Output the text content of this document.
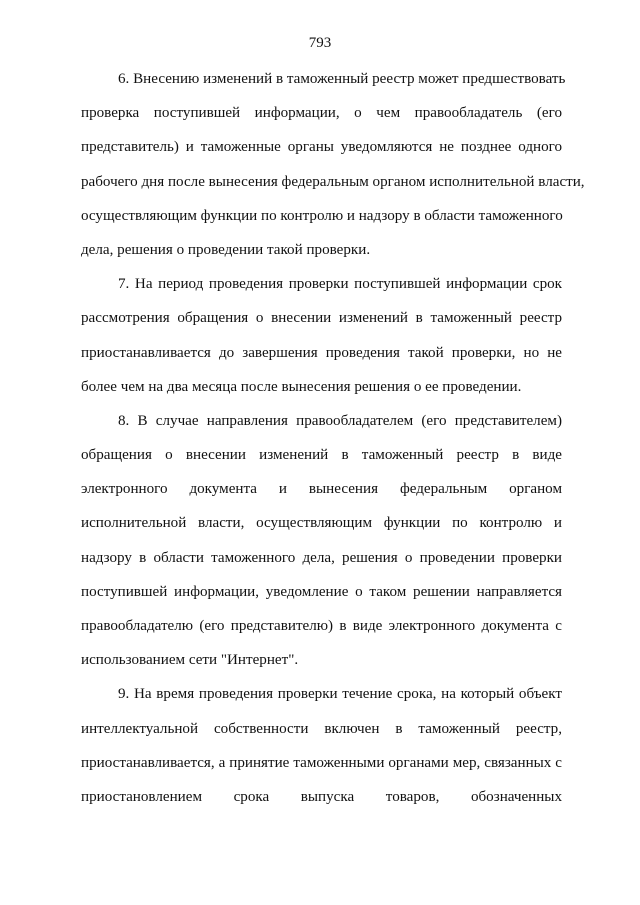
793
6. Внесению изменений в таможенный реестр может предшествовать
проверка поступившей информации, о чем правообладатель (его
представитель) и таможенные органы уведомляются не позднее одного
рабочего дня после вынесения федеральным органом исполнительной власти,
осуществляющим функции по контролю и надзору в области таможенного
дела, решения о проведении такой проверки.
7. На период проведения проверки поступившей информации срок
рассмотрения обращения о внесении изменений в таможенный реестр
приостанавливается до завершения проведения такой проверки, но не
более чем на два месяца после вынесения решения о ее проведении.
8. В случае направления правообладателем (его представителем)
обращения о внесении изменений в таможенный реестр в виде
электронного документа и вынесения федеральным органом
исполнительной власти, осуществляющим функции по контролю и
надзору в области таможенного дела, решения о проведении проверки
поступившей информации, уведомление о таком решении направляется
правообладателю (его представителю) в виде электронного документа с
использованием сети "Интернет".
9. На время проведения проверки течение срока, на который объект
интеллектуальной собственности включен в таможенный реестр,
приостанавливается, а принятие таможенными органами мер, связанных с
приостановлением срока выпуска товаров, обозначенных
